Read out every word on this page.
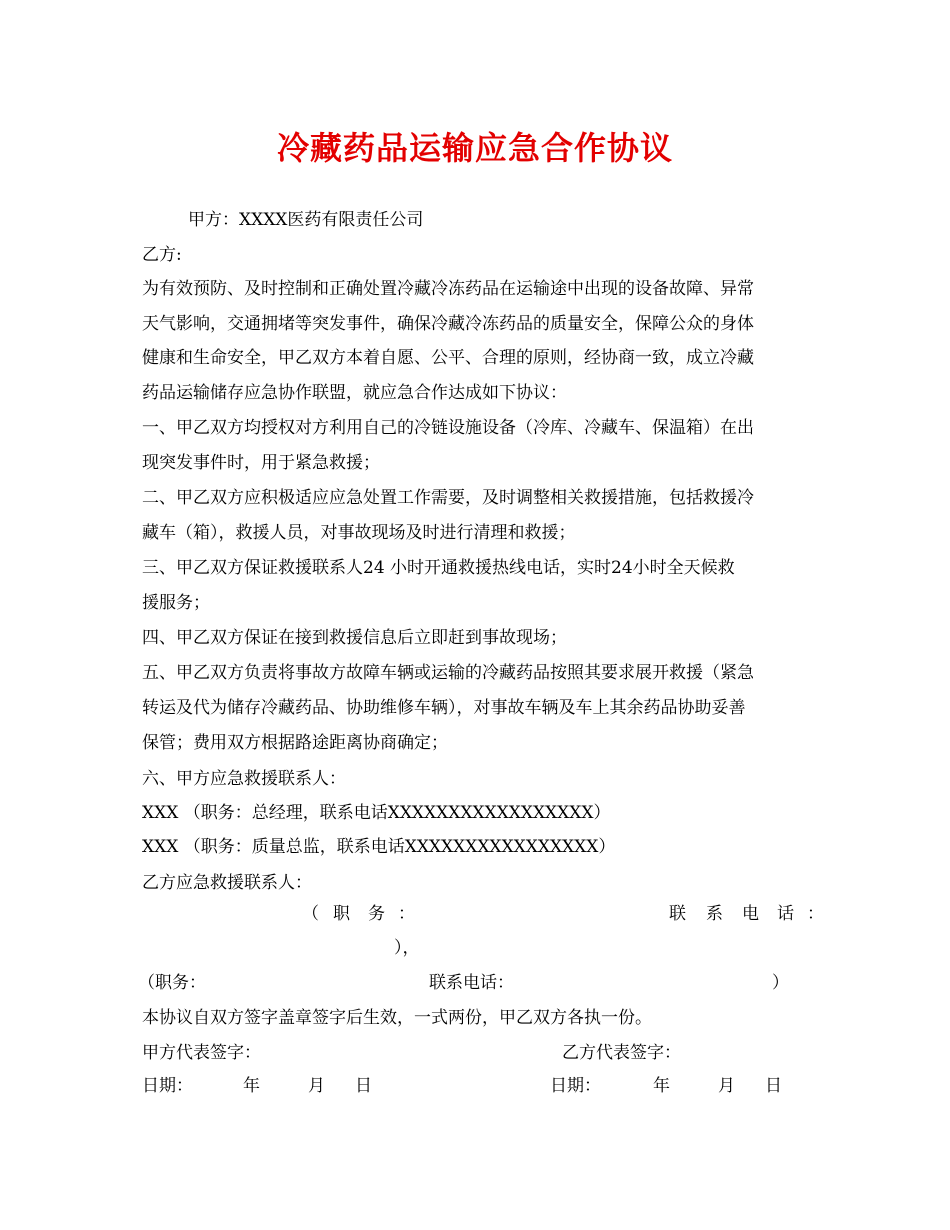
冷藏药品运输应急合作协议
甲方：XXXX医药有限责任公司
乙方:
为有效预防、及时控制和正确处置冷藏冷冻药品在运输途中出现的设备故障、异常
天气影响，交通拥堵等突发事件，确保冷藏冷冻药品的质量安全，保障公众的身体
健康和生命安全，甲乙双方本着自愿、公平、合理的原则，经协商一致，成立冷藏
药品运输储存应急协作联盟，就应急合作达成如下协议：
一、甲乙双方均授权对方利用自己的冷链设施设备（冷库、冷藏车、保温箱）在出
现突发事件时，用于紧急救援；
二、甲乙双方应积极适应应急处置工作需要，及时调整相关救援措施，包括救援冷
藏车（箱），救援人员，对事故现场及时进行清理和救援；
三、甲乙双方保证救援联系人24 小时开通救援热线电话，实时24小时全天候救
援服务；
四、甲乙双方保证在接到救援信息后立即赶到事故现场；
五、甲乙双方负责将事故方故障车辆或运输的冷藏药品按照其要求展开救援（紧急
转运及代为储存冷藏药品、协助维修车辆），对事故车辆及车上其余药品协助妥善
保管；费用双方根据路途距离协商确定；
六、甲方应急救援联系人：
XXX （职务：总经理，联系电话XXXXXXXXXXXXXXXXX）
XXX （职务：质量总监，联系电话XXXXXXXXXXXXXXXX）
乙方应急救援联系人：
（ 职 务 ：	联 系 电 话 ：
），
（职务：	联系电话：	）
本协议自双方签字盖章签字后生效，一式两份，甲乙双方各执一份。
甲方代表签字：	乙方代表签字：
日期：	年	月 日	日期：	年	月 日
